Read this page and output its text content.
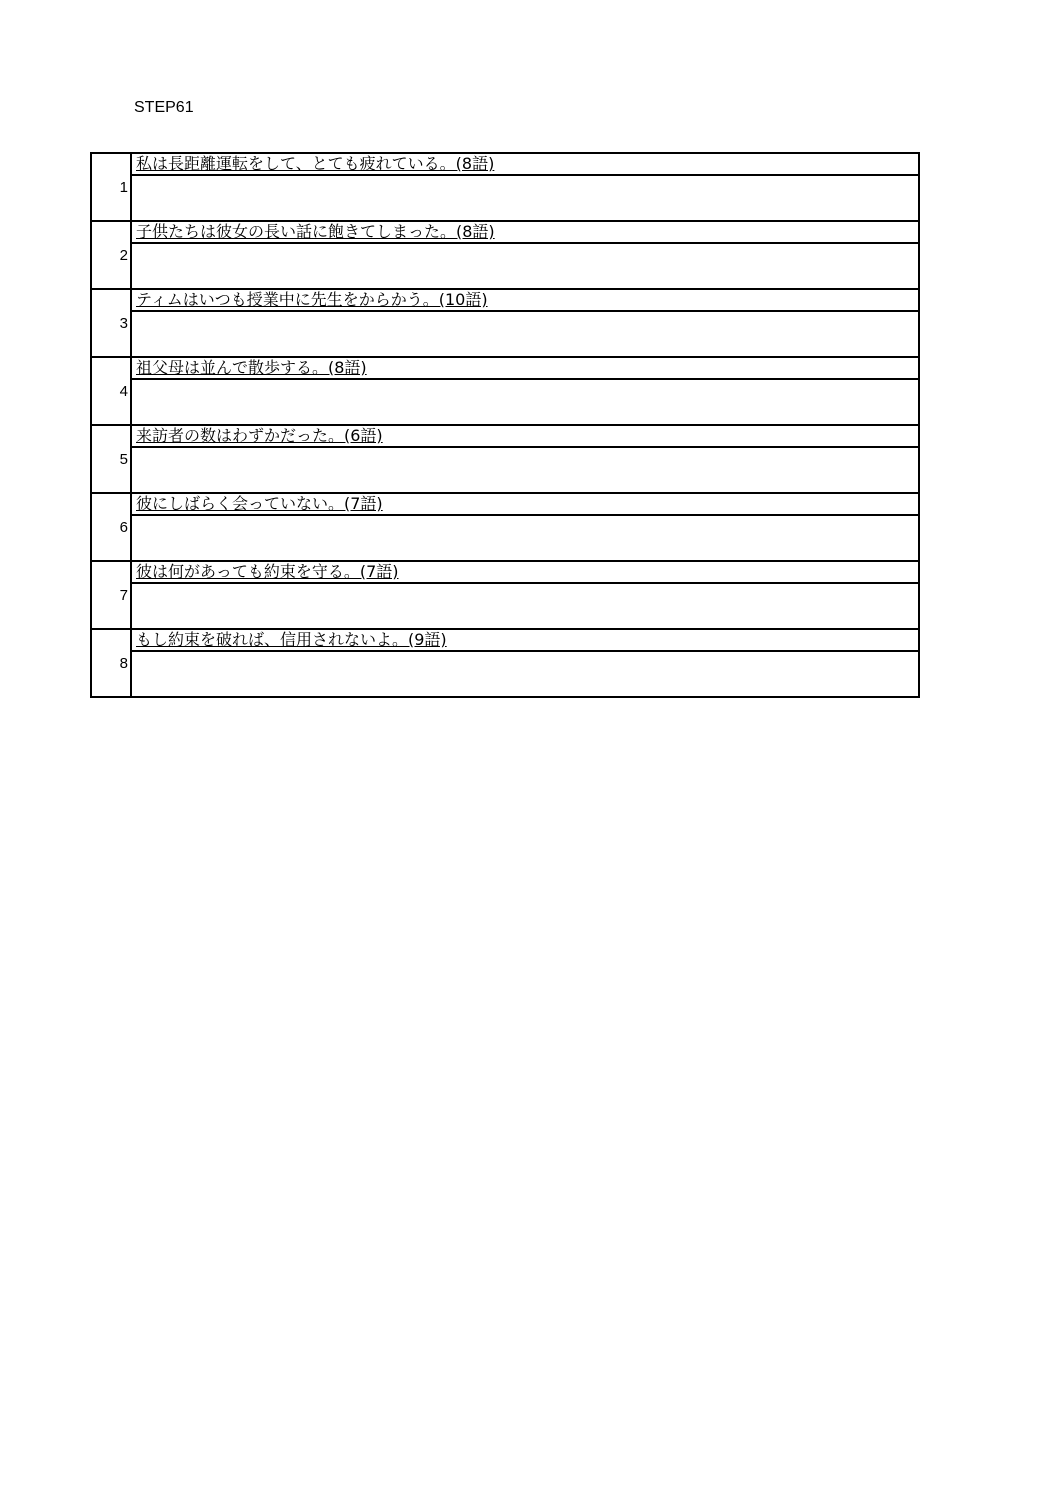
STEP61
1
私は長距離運転をして、とても疲れている。(8語)
2
子供たちは彼女の長い話に飽きてしまった。(8語)
3
ティムはいつも授業中に先生をからかう。(10語)
4
祖父母は並んで散歩する。(8語)
5
来訪者の数はわずかだった。(6語)
6
彼にしばらく会っていない。(7語)
7
彼は何があっても約束を守る。(7語)
8
もし約束を破れば、信用されないよ。(9語)
